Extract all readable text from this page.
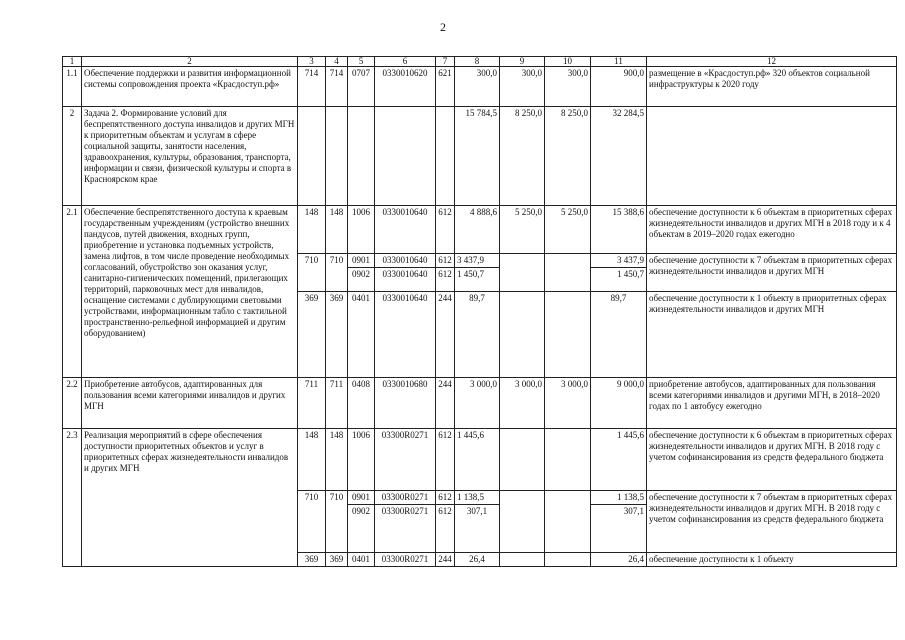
2
1	2	3	4	5	6	7	8	9	10	11	12
1.1	Обеспечение поддержки и развития информационной системы сопровождения проекта «Красдоступ.рф»	714	714	0707	0330010620	621	300,0	300,0	300,0	900,0	размещение в «Красдоступ.рф» 320 объектов социальной инфраструктуры к 2020 году
2	Задача 2. Формирование условий для беспрепятственного доступа инвалидов и других МГН к приоритетным объектам и услугам в сфере социальной защиты, занятости населения, здравоохранения, культуры, образования, транспорта, информации и связи, физической культуры и спорта в Красноярском крае						15 784,5	8 250,0	8 250,0	32 284,5	
2.1	Обеспечение беспрепятственного доступа к краевым государственным учреждениям (устройство внешних пандусов, путей движения, входных групп, приобретение и установка подъемных устройств, замена лифтов, в том числе проведение необходимых согласований, обустройство зон оказания услуг, санитарно-гигиенических помещений, прилегающих территорий, парковочных мест для инвалидов, оснащение системами с дублирующими световыми устройствами, информационным табло с тактильной пространственно-рельефной информацией и другим оборудованием)	148	148	1006	0330010640	612	4 888,6	5 250,0	5 250,0	15 388,6	обеспечение доступности к 6 объектам в приоритетных сферах жизнедеятельности инвалидов и других МГН в 2018 году и к 4 объектам в 2019–2020 годах ежегодно
		710	710	0901	0330010640	612	3 437,9			3 437,9	обеспечение доступности к 7 объектам в приоритетных сферах жизнедеятельности инвалидов и других МГН
				0902	0330010640	612	1 450,7			1 450,7	
		369	369	0401	0330010640	244	89,7			89,7	обеспечение доступности к 1 объекту в приоритетных сферах жизнедеятельности инвалидов и других МГН
2.2	Приобретение автобусов, адаптированных для пользования всеми категориями инвалидов и других МГН	711	711	0408	0330010680	244	3 000,0	3 000,0	3 000,0	9 000,0	приобретение автобусов, адаптированных для пользования всеми категориями инвалидов и другими МГН, в 2018–2020 годах по 1 автобусу ежегодно
2.3	Реализация мероприятий в сфере обеспечения доступности приоритетных объектов и услуг в приоритетных сферах жизнедеятельности инвалидов и других МГН	148	148	1006	03300R0271	612	1 445,6			1 445,6	обеспечение доступности к 6 объектам в приоритетных сферах жизнедеятельности инвалидов и других МГН. В 2018 году с учетом софинансирования из средств федерального бюджета
		710	710	0901	03300R0271	612	1 138,5			1 138,5	обеспечение доступности к 7 объектам в приоритетных сферах жизнедеятельности инвалидов и других МГН. В 2018 году с учетом софинансирования из средств федерального бюджета
				0902	03300R0271	612	307,1			307,1	
		369	369	0401	03300R0271	244	26,4			26,4	обеспечение доступности к 1 объекту
